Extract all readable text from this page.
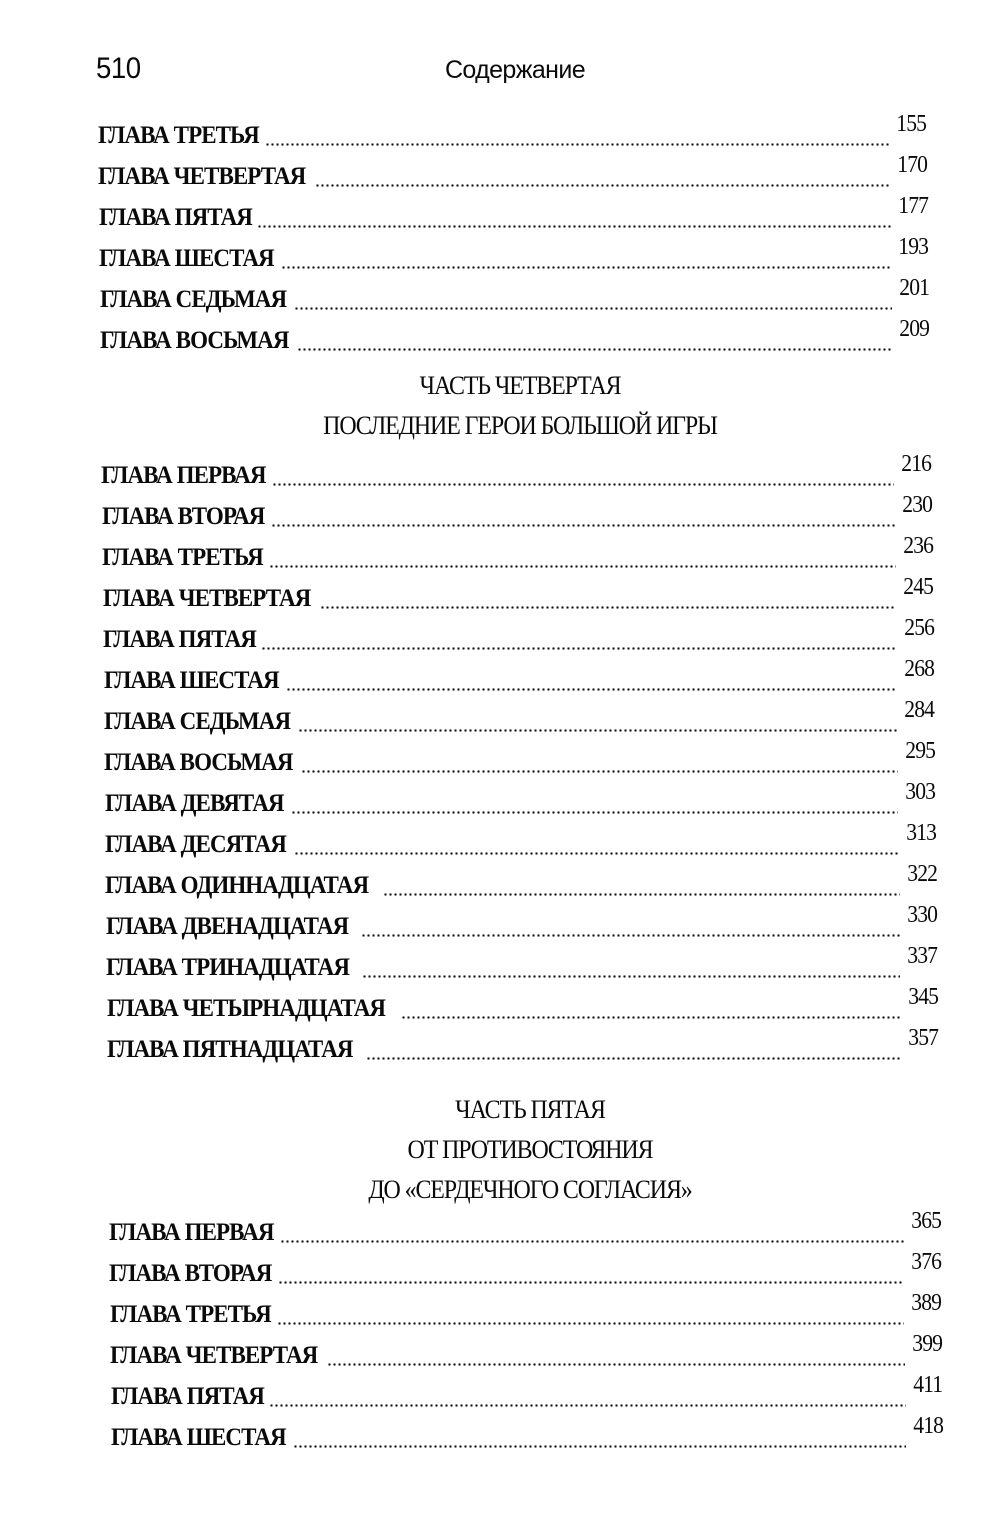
510	Содержание
ГЛАВА ТРЕТЬЯ	155
ГЛАВА ЧЕТВЕРТАЯ	170
ГЛАВА ПЯТАЯ	177
ГЛАВА ШЕСТАЯ	193
ГЛАВА СЕДЬМАЯ	201
ГЛАВА ВОСЬМАЯ	209
ЧАСТЬ ЧЕТВЕРТАЯ
ПОСЛЕДНИЕ ГЕРОИ БОЛЬШОЙ ИГРЫ
ГЛАВА ПЕРВАЯ	216
ГЛАВА ВТОРАЯ	230
ГЛАВА ТРЕТЬЯ	236
ГЛАВА ЧЕТВЕРТАЯ	245
ГЛАВА ПЯТАЯ	256
ГЛАВА ШЕСТАЯ	268
ГЛАВА СЕДЬМАЯ	284
ГЛАВА ВОСЬМАЯ	295
ГЛАВА ДЕВЯТАЯ	303
ГЛАВА ДЕСЯТАЯ	313
ГЛАВА ОДИННАДЦАТАЯ	322
ГЛАВА ДВЕНАДЦАТАЯ	330
ГЛАВА ТРИНАДЦАТАЯ	337
ГЛАВА ЧЕТЫРНАДЦАТАЯ	345
ГЛАВА ПЯТНАДЦАТАЯ	357
ЧАСТЬ ПЯТАЯ
ОТ ПРОТИВОСТОЯНИЯ
ДО «СЕРДЕЧНОГО СОГЛАСИЯ»
ГЛАВА ПЕРВАЯ	365
ГЛАВА ВТОРАЯ	376
ГЛАВА ТРЕТЬЯ	389
ГЛАВА ЧЕТВЕРТАЯ	399
ГЛАВА ПЯТАЯ	411
ГЛАВА ШЕСТАЯ	418
